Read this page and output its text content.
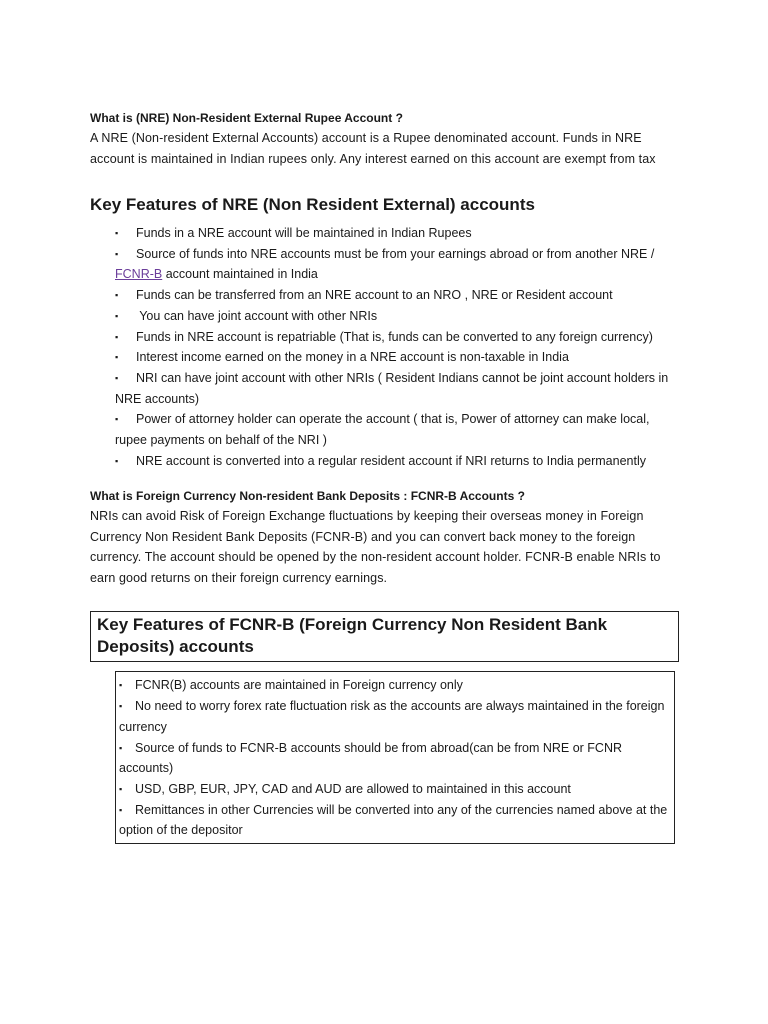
What is (NRE) Non-Resident External Rupee Account ?

A NRE (Non-resident External Accounts) account is a Rupee denominated account. Funds in NRE account is maintained in Indian rupees only. Any interest earned on this account are exempt from tax

Key Features of NRE (Non Resident External) accounts
▪ Funds in a NRE account will be maintained in Indian Rupees
▪ Source of funds into NRE accounts must be from your earnings abroad or from another NRE / FCNR-B account maintained in India
▪ Funds can be transferred from an NRE account to an NRO , NRE or Resident account
▪ You can have joint account with other NRIs
▪ Funds in NRE account is repatriable (That is, funds can be converted to any foreign currency)
▪ Interest income earned on the money in a NRE account is non-taxable in India
▪ NRI can have joint account with other NRIs ( Resident Indians cannot be joint account holders in NRE accounts)
▪ Power of attorney holder can operate the account ( that is, Power of attorney can make local, rupee payments on behalf of the NRI )
▪ NRE account is converted into a regular resident account if NRI returns to India permanently

What is Foreign Currency Non-resident Bank Deposits : FCNR-B Accounts ?

NRIs can avoid Risk of Foreign Exchange fluctuations by keeping their overseas money in Foreign Currency Non Resident Bank Deposits (FCNR-B) and you can convert back money to the foreign currency. The account should be opened by the non-resident account holder. FCNR-B enable NRIs to earn good returns on their foreign currency earnings.

Key Features of FCNR-B (Foreign Currency Non Resident Bank Deposits) accounts
▪ FCNR(B) accounts are maintained in Foreign currency only
▪ No need to worry forex rate fluctuation risk as the accounts are always maintained in the foreign currency
▪ Source of funds to FCNR-B accounts should be from abroad(can be from NRE or FCNR accounts)
▪ USD, GBP, EUR, JPY, CAD and AUD are allowed to maintained in this account
▪ Remittances in other Currencies will be converted into any of the currencies named above at the option of the depositor
